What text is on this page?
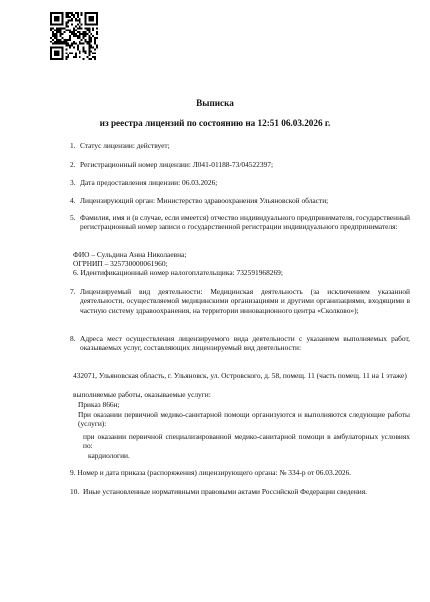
Выписка
из реестра лицензий по состоянию на 12:51 06.03.2026 г.
1. Статус лицензии: действует;
2. Регистрационный номер лицензии: Л041-01188-73/04522397;
3. Дата предоставления лицензии: 06.03.2026;
4. Лицензирующий орган: Министерство здравоохранения Ульяновской области;
5. Фамилия, имя и (в случае, если имеется) отчество индивидуального предпринимателя, государственный регистрационный номер записи о государственной регистрации индивидуального предпринимателя:
ФИО – Сульдина Анна Николаевна;
ОГРНИП – 325730000061960;
6. Идентификационный номер налогоплательщика: 732591968269;
7. Лицензируемый вид деятельности: Медицинская деятельность (за исключением указанной деятельности, осуществляемой медицинскими организациями и другими организациями, входящими в частную систему здравоохранения, на территории инновационного центра «Сколково»);
8. Адреса мест осуществления лицензируемого вида деятельности с указанием выполняемых работ, оказываемых услуг, составляющих лицензируемый вид деятельности:
432071, Ульяновская область, г. Ульяновск, ул. Островского, д. 58, помещ. 11 (часть помещ. 11 на 1 этаже)
выполняемые работы, оказываемые услуги:
Приказ 866н;
При оказании первичной медико-санитарной помощи организуются и выполняются следующие работы (услуги):
при оказании первичной специализированной медико-санитарной помощи в амбулаторных условиях по:
кардиологии.
9. Номер и дата приказа (распоряжения) лицензирующего органа: № 334-р от 06.03.2026.
10. Иные установленные нормативными правовыми актами Российской Федерации сведения.
